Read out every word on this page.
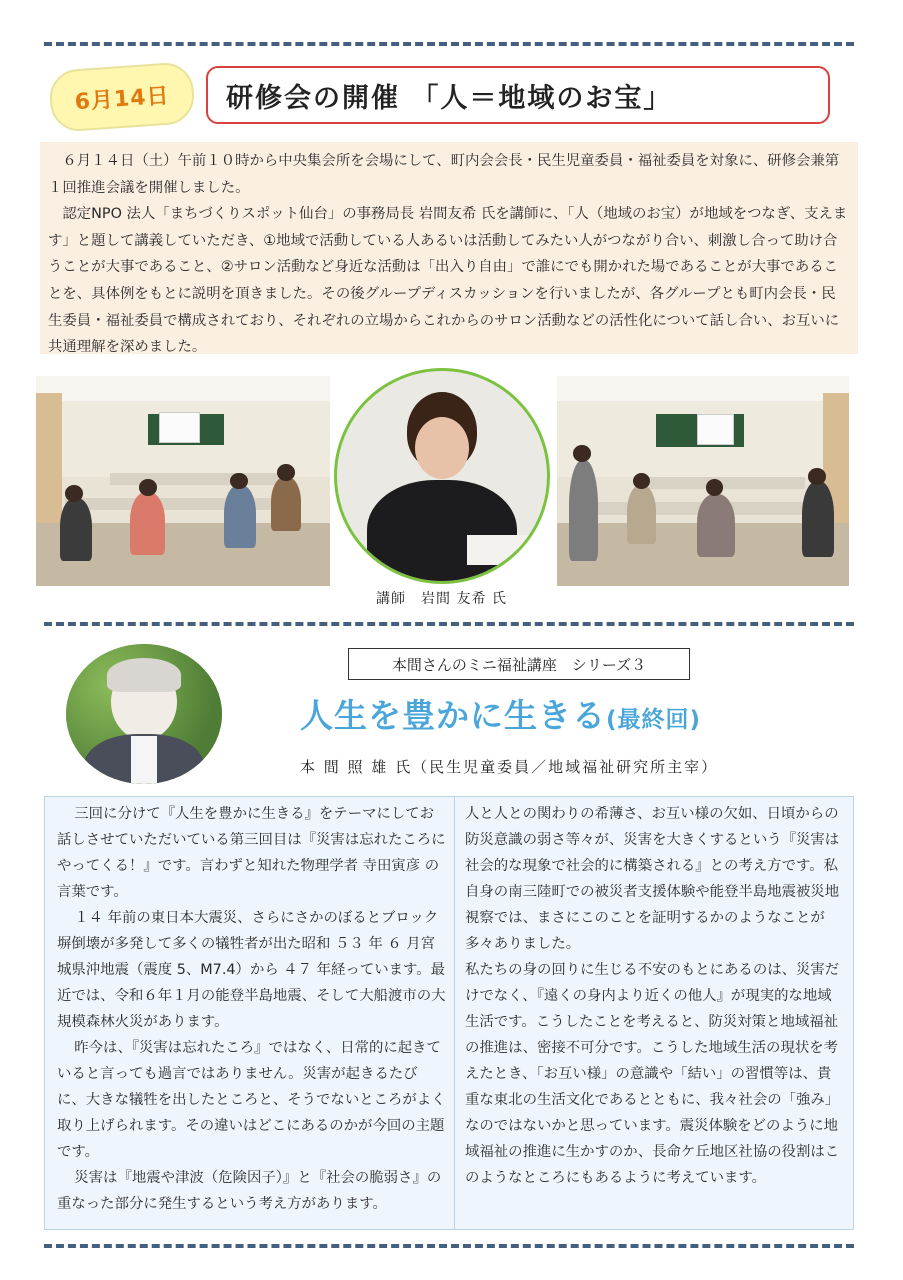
6月14日	研修会の開催 「人＝地域のお宝」

６月１４日（土）午前１０時から中央集会所を会場にして、町内会会長・民生児童委員・福祉委員を対象に、研修会兼第１回推進会議を開催しました。

認定NPO 法人「まちづくりスポット仙台」の事務局長 岩間友希 氏を講師に、「人（地域のお宝）が地域をつなぎ、支えます」と題して講義していただき、①地域で活動している人あるいは活動してみたい人がつながり合い、刺激し合って助け合うことが大事であること、②サロン活動など身近な活動は「出入り自由」で誰にでも開かれた場であることが大事であることを、具体例をもとに説明を頂きました。その後グループディスカッションを行いましたが、各グループとも町内会長・民生委員・福祉委員で構成されており、それぞれの立場からこれからのサロン活動などの活性化について話し合い、お互いに共通理解を深めました。

講師　岩間 友希 氏
本間さんのミニ福祉講座　シリーズ３
人生を豊かに生きる(最終回)
本 間 照 雄 氏（民生児童委員／地域福祉研究所主宰）

三回に分けて『人生を豊かに生きる』をテーマにしてお話しさせていただいている第三回目は『災害は忘れたころにやってくる！』です。言わずと知れた物理学者 寺田寅彦 の言葉です。

１４ 年前の東日本大震災、さらにさかのぼるとブロック塀倒壊が多発して多くの犠牲者が出た昭和 ５３ 年 ６ 月宮城県沖地震（震度 5、M7.4）から ４７ 年経っています。最近では、令和６年１月の能登半島地震、そして大船渡市の大規模森林火災があります。

昨今は、『災害は忘れたころ』ではなく、日常的に起きていると言っても過言ではありません。災害が起きるたびに、大きな犠牲を出したところと、そうでないところがよく取り上げられます。その違いはどこにあるのかが今回の主題です。

災害は『地震や津波（危険因子）』と『社会の脆弱さ』の重なった部分に発生するという考え方があります。

人と人との関わりの希薄さ、お互い様の欠如、日頃からの防災意識の弱さ等々が、災害を大きくするという『災害は社会的な現象で社会的に構築される』との考え方です。私自身の南三陸町での被災者支援体験や能登半島地震被災地視察では、まさにこのことを証明するかのようなことが多々ありました。

私たちの身の回りに生じる不安のもとにあるのは、災害だけでなく、『遠くの身内より近くの他人』が現実的な地域生活です。こうしたことを考えると、防災対策と地域福祉の推進は、密接不可分です。こうした地域生活の現状を考えたとき、「お互い様」の意識や「結い」の習慣等は、貴重な東北の生活文化であるとともに、我々社会の「強み」なのではないかと思っています。震災体験をどのように地域福祉の推進に生かすのか、長命ケ丘地区社協の役割はこのようなところにもあるように考えています。
